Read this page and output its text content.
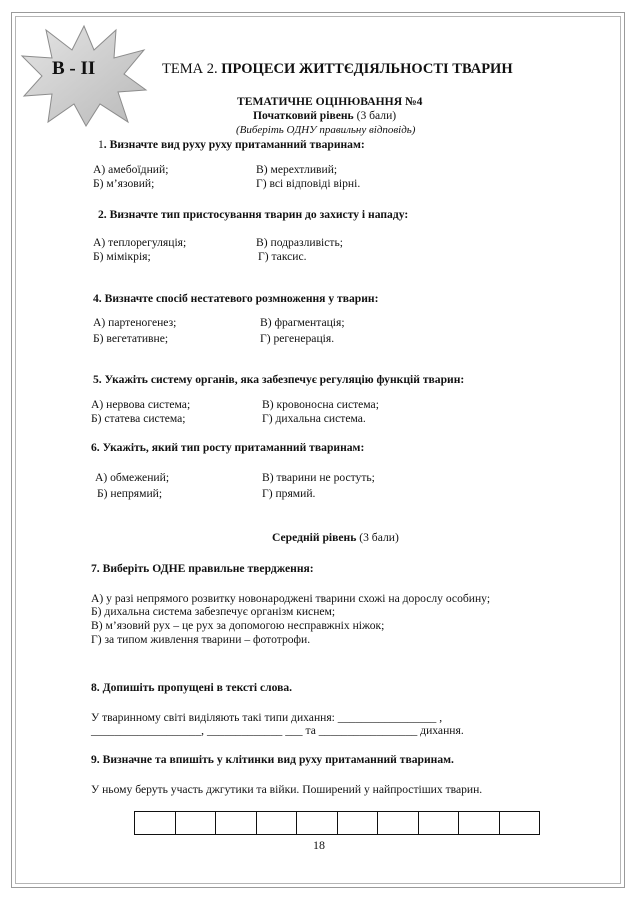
B - II	ТЕМА 2. ПРОЦЕСИ ЖИТТЄДІЯЛЬНОСТІ ТВАРИН
ТЕМАТИЧНЕ ОЦІНЮВАННЯ №4
Початковий рівень (3 бали)
(Виберіть ОДНУ правильну відповідь)
1. Визначте вид руху руху притаманний тваринам:
А) амебоїдний;	В) мерехтливий;
Б) м’язовий;	Г) всі відповіді вірні.
2. Визначте тип пристосування тварин до захисту і нападу:
А) теплорегуляція;	В) подразливість;
Б) мімікрія;	Г) таксис.
4. Визначте спосіб нестатевого розмноження у тварин:
А) партеногенез;	В) фрагментація;
Б) вегетативне;	Г) регенерація.
5. Укажіть систему органів, яка забезпечує регуляцію функцій тварин:
А) нервова система;	В) кровоносна система;
Б) статева система;	Г) дихальна система.
6. Укажіть, який тип росту притаманний тваринам:
А) обмежений;	В) тварини не ростуть;
Б) непрямий;	Г) прямий.
Середній рівень (3 бали)
7. Виберіть ОДНЕ правильне твердження:
А) у разі непрямого розвитку новонароджені тварини схожі на дорослу особину;
Б) дихальна система забезпечує організм киснем;
В) м’язовий рух – це рух за допомогою несправжніх ніжок;
Г) за типом живлення тварини – фототрофи.
8. Допишіть пропущені в тексті слова.
У тваринному світі виділяють такі типи дихання: _________________ ,
___________________, _____________ ___ та _________________ дихання.
9. Визначне та впишіть у клітинки вид руху притаманний тваринам.
У ньому беруть участь джгутики та війки. Поширений у найпростіших тварин.
18
